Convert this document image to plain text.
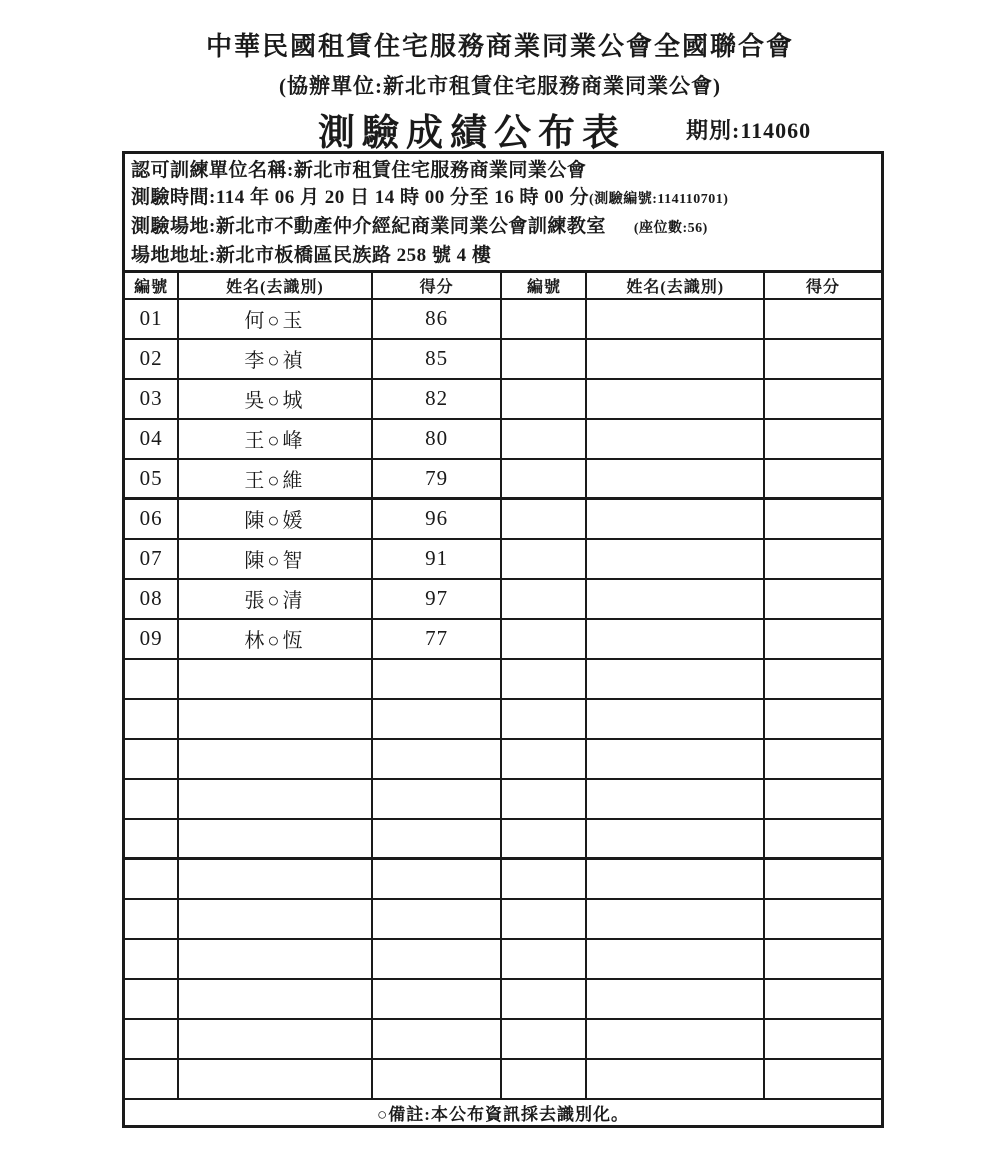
中華民國租賃住宅服務商業同業公會全國聯合會
(協辦單位:新北市租賃住宅服務商業同業公會)
測驗成績公布表	期別:114060
認可訓練單位名稱:新北市租賃住宅服務商業同業公會
測驗時間:114 年 06 月 20 日 14 時 00 分至 16 時 00 分(測驗編號:114110701)
測驗場地:新北市不動產仲介經紀商業同業公會訓練教室 (座位數:56)
場地地址:新北市板橋區民族路 258 號 4 樓
編號	姓名(去識別)	得分	編號	姓名(去識別)	得分
01	何○玉	86			
02	李○禎	85			
03	吳○城	82			
04	王○峰	80			
05	王○維	79			
06	陳○媛	96			
07	陳○智	91			
08	張○清	97			
09	林○恆	77			

○備註:本公布資訊採去識別化。					
